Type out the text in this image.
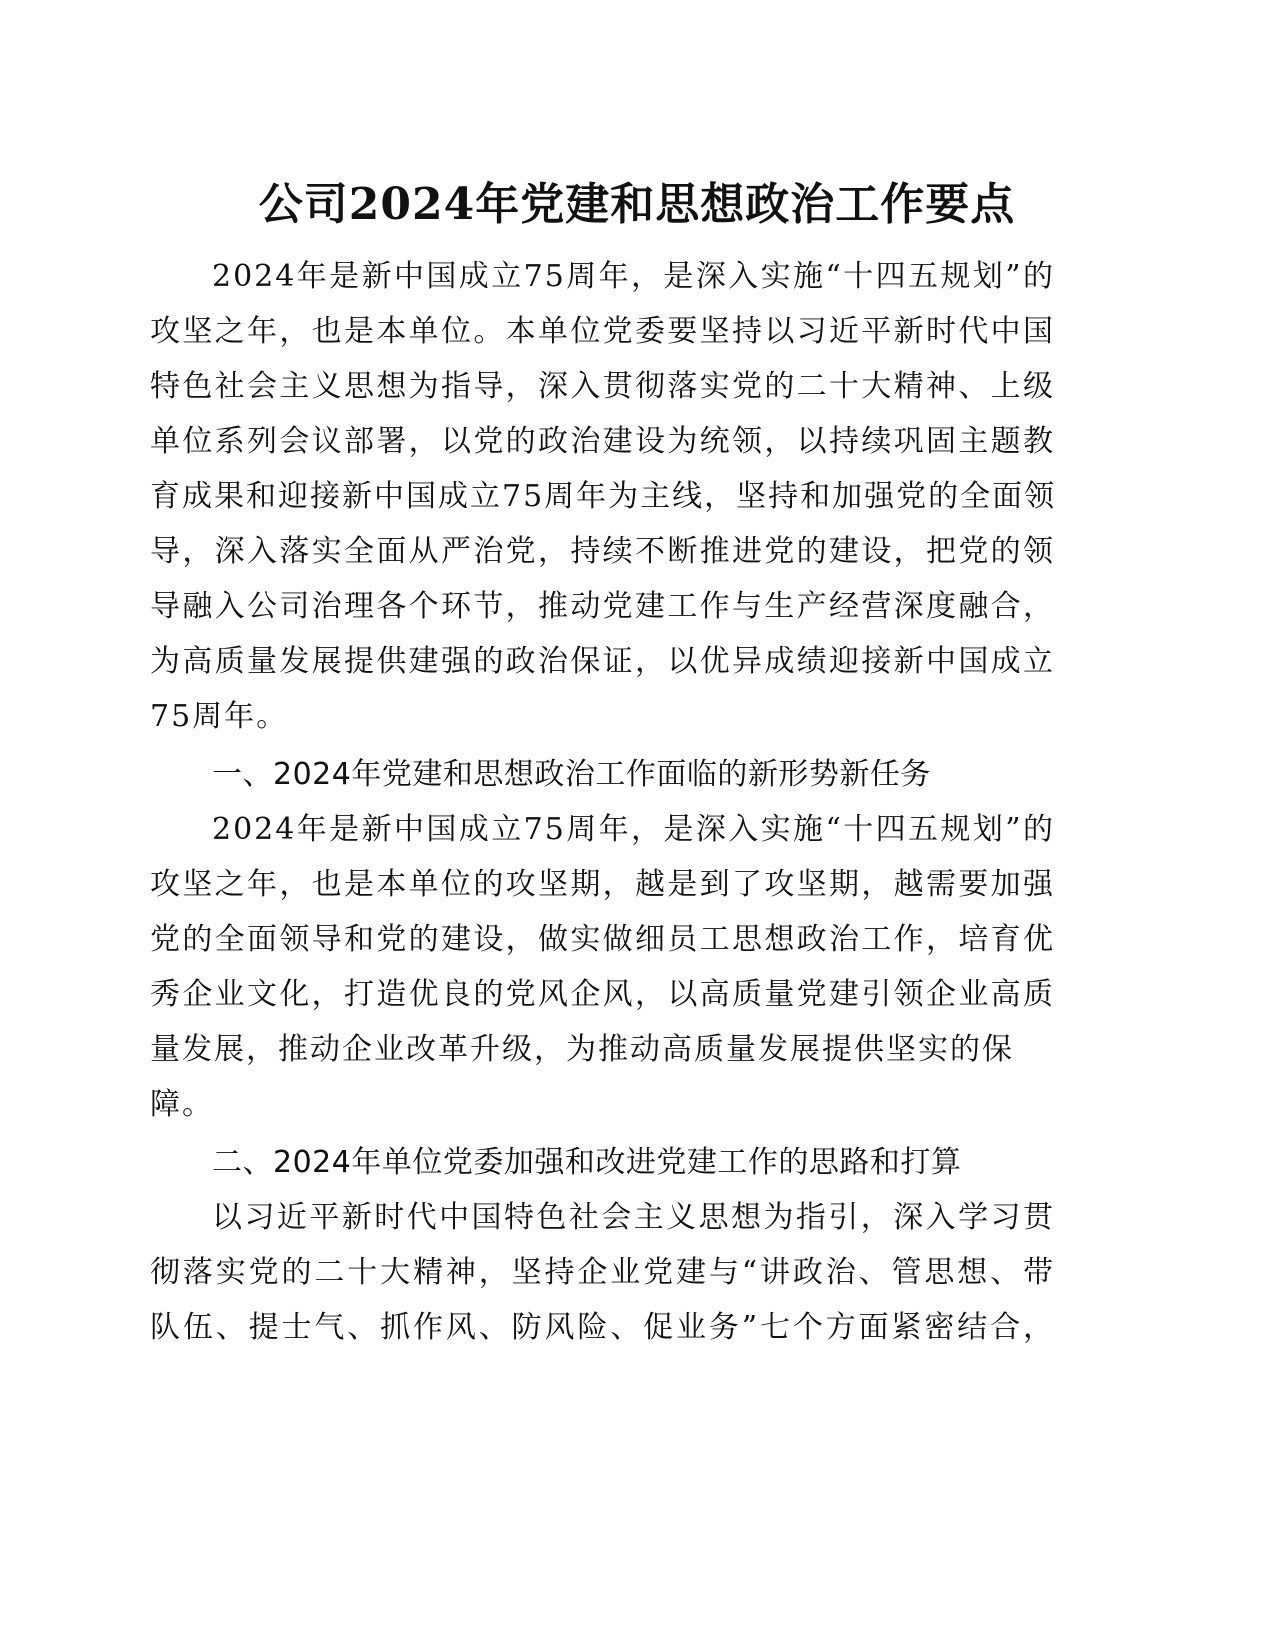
公司2024年党建和思想政治工作要点
2024年是新中国成立75周年，是深入实施“十四五规划”的
攻坚之年，也是本单位。本单位党委要坚持以习近平新时代中国
特色社会主义思想为指导，深入贯彻落实党的二十大精神、上级
单位系列会议部署，以党的政治建设为统领，以持续巩固主题教
育成果和迎接新中国成立75周年为主线，坚持和加强党的全面领
导，深入落实全面从严治党，持续不断推进党的建设，把党的领
导融入公司治理各个环节，推动党建工作与生产经营深度融合，
为高质量发展提供建强的政治保证，以优异成绩迎接新中国成立
75周年。
一、2024年党建和思想政治工作面临的新形势新任务
2024年是新中国成立75周年，是深入实施“十四五规划”的
攻坚之年，也是本单位的攻坚期，越是到了攻坚期，越需要加强
党的全面领导和党的建设，做实做细员工思想政治工作，培育优
秀企业文化，打造优良的党风企风，以高质量党建引领企业高质
量发展，推动企业改革升级，为推动高质量发展提供坚实的保
障。
二、2024年单位党委加强和改进党建工作的思路和打算
以习近平新时代中国特色社会主义思想为指引，深入学习贯
彻落实党的二十大精神，坚持企业党建与“讲政治、管思想、带
队伍、提士气、抓作风、防风险、促业务”七个方面紧密结合，
